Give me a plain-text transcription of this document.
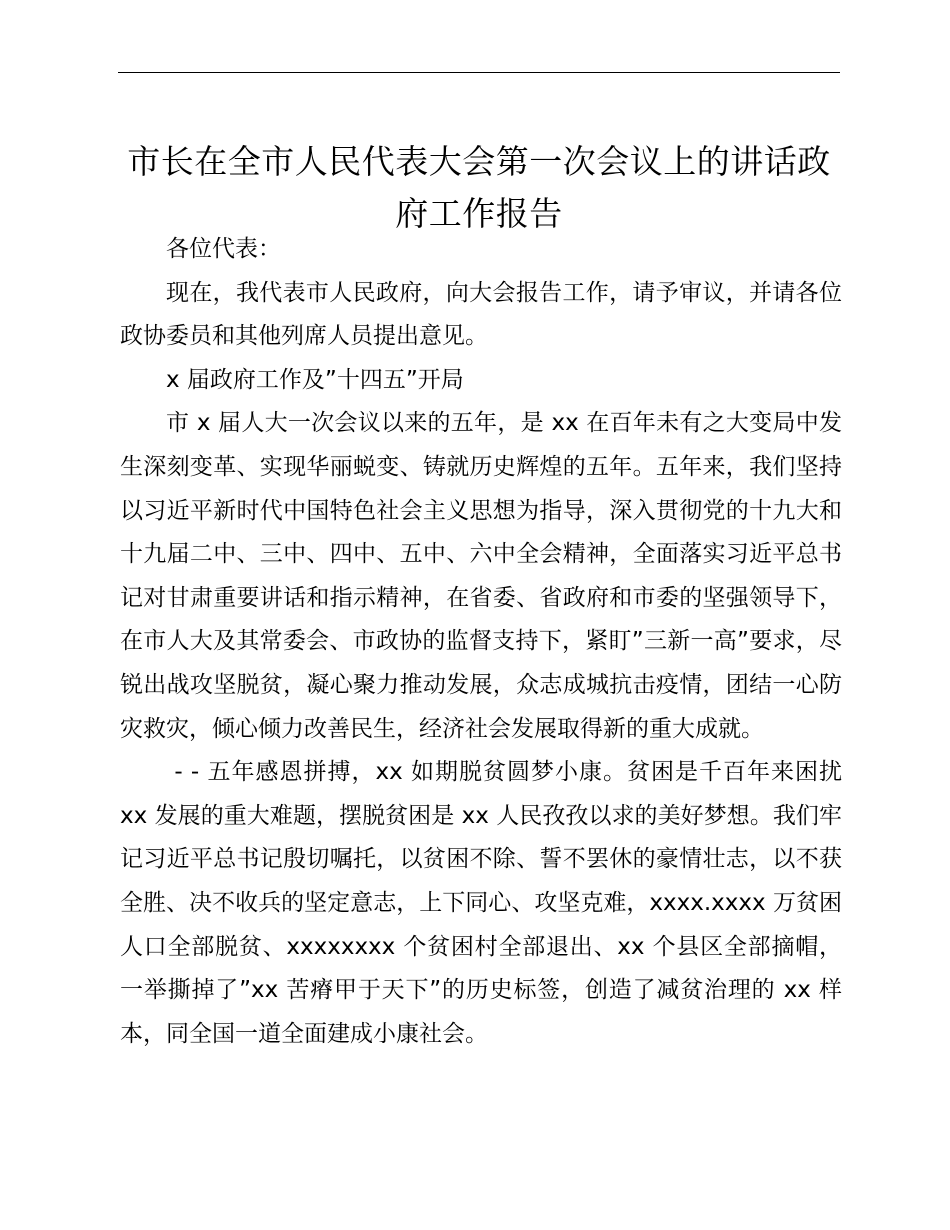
市长在全市人民代表大会第一次会议上的讲话政府工作报告

各位代表：

现在，我代表市人民政府，向大会报告工作，请予审议，并请各位政协委员和其他列席人员提出意见。

x 届政府工作及”十四五”开局

市 x 届人大一次会议以来的五年，是 xx 在百年未有之大变局中发生深刻变革、实现华丽蜕变、铸就历史辉煌的五年。五年来，我们坚持以习近平新时代中国特色社会主义思想为指导，深入贯彻党的十九大和十九届二中、三中、四中、五中、六中全会精神，全面落实习近平总书记对甘肃重要讲话和指示精神，在省委、省政府和市委的坚强领导下，在市人大及其常委会、市政协的监督支持下，紧盯”三新一高”要求，尽锐出战攻坚脱贫，凝心聚力推动发展，众志成城抗击疫情，团结一心防灾救灾，倾心倾力改善民生，经济社会发展取得新的重大成就。

- - 五年感恩拼搏，xx 如期脱贫圆梦小康。贫困是千百年来困扰 xx 发展的重大难题，摆脱贫困是 xx 人民孜孜以求的美好梦想。我们牢记习近平总书记殷切嘱托，以贫困不除、誓不罢休的豪情壮志，以不获全胜、决不收兵的坚定意志，上下同心、攻坚克难，xxxx.xxxx 万贫困人口全部脱贫、xxxxxxxx 个贫困村全部退出、xx 个县区全部摘帽，一举撕掉了”xx 苦瘠甲于天下”的历史标签，创造了减贫治理的 xx 样本，同全国一道全面建成小康社会。
